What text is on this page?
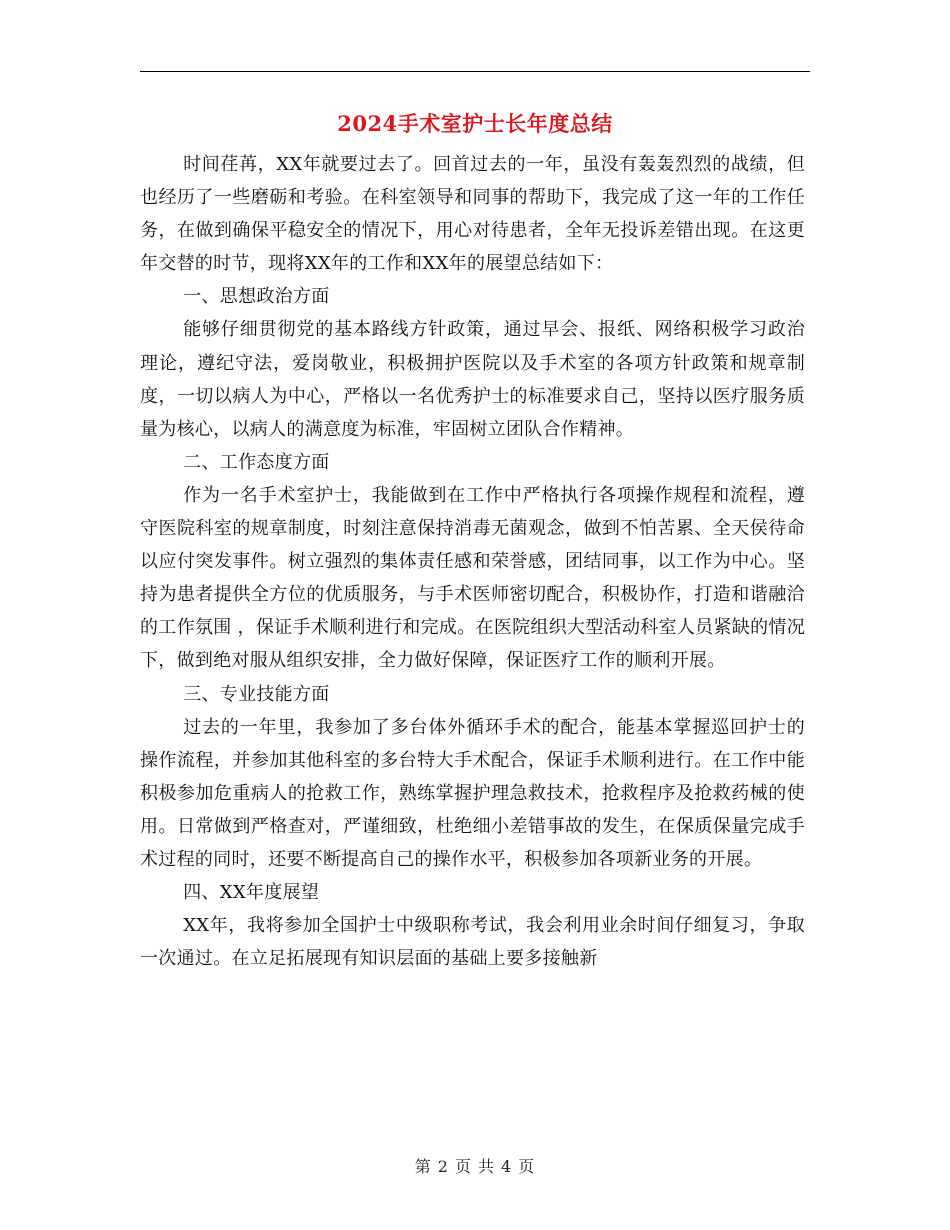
2024手术室护士长年度总结

时间荏苒，XX年就要过去了。回首过去的一年，虽没有轰轰烈烈的战绩，但也经历了一些磨砺和考验。在科室领导和同事的帮助下，我完成了这一年的工作任务，在做到确保平稳安全的情况下，用心对待患者，全年无投诉差错出现。在这更年交替的时节，现将XX年的工作和XX年的展望总结如下：

一、思想政治方面

能够仔细贯彻党的基本路线方针政策，通过早会、报纸、网络积极学习政治理论，遵纪守法，爱岗敬业，积极拥护医院以及手术室的各项方针政策和规章制度，一切以病人为中心，严格以一名优秀护士的标准要求自己，坚持以医疗服务质量为核心，以病人的满意度为标准，牢固树立团队合作精神。

二、工作态度方面

作为一名手术室护士，我能做到在工作中严格执行各项操作规程和流程，遵守医院科室的规章制度，时刻注意保持消毒无菌观念，做到不怕苦累、全天侯待命以应付突发事件。树立强烈的集体责任感和荣誉感，团结同事，以工作为中心。坚持为患者提供全方位的优质服务，与手术医师密切配合，积极协作，打造和谐融洽的工作氛围 ，保证手术顺利进行和完成。在医院组织大型活动科室人员紧缺的情况下，做到绝对服从组织安排，全力做好保障，保证医疗工作的顺利开展。

三、专业技能方面

过去的一年里，我参加了多台体外循环手术的配合，能基本掌握巡回护士的操作流程，并参加其他科室的多台特大手术配合，保证手术顺利进行。在工作中能积极参加危重病人的抢救工作，熟练掌握护理急救技术，抢救程序及抢救药械的使用。日常做到严格查对，严谨细致，杜绝细小差错事故的发生，在保质保量完成手术过程的同时，还要不断提高自己的操作水平，积极参加各项新业务的开展。

四、XX年度展望

XX年，我将参加全国护士中级职称考试，我会利用业余时间仔细复习，争取一次通过。在立足拓展现有知识层面的基础上要多接触新

第 2 页 共 4 页
